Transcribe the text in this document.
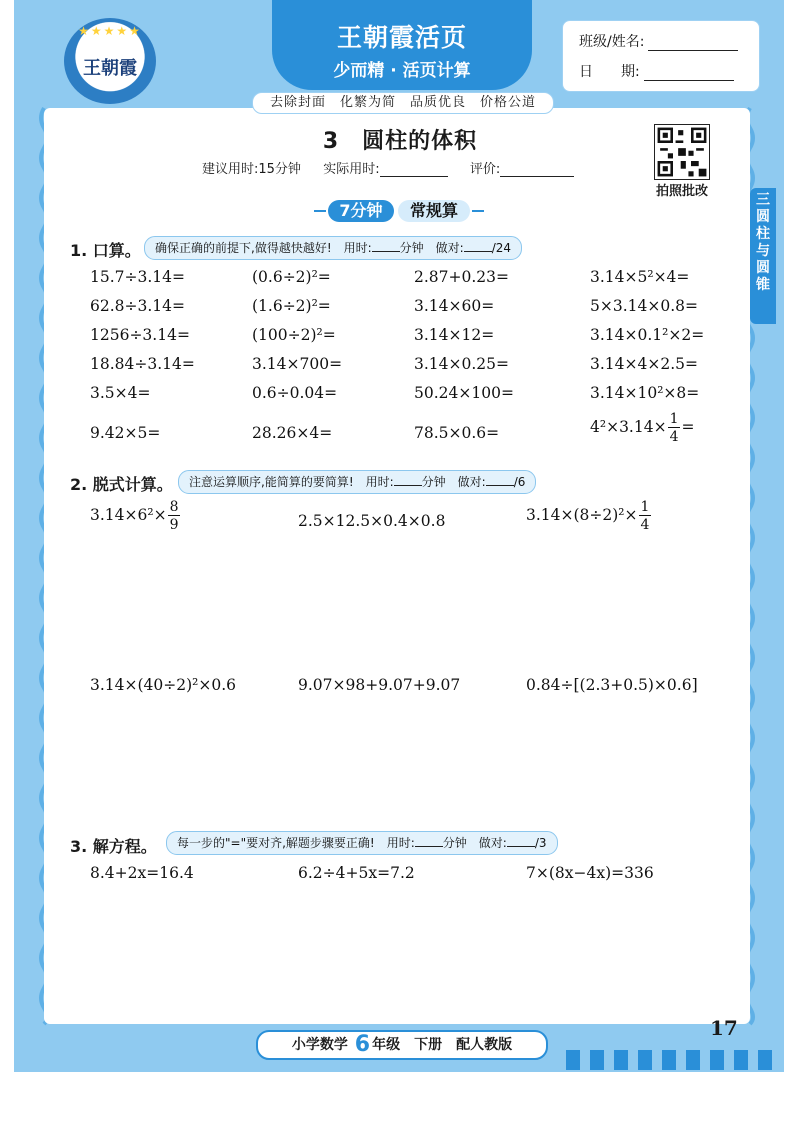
★★★★★
王朝霞

王朝霞活页
少而精 · 活页计算
班级/姓名:
日　　期:
去除封面　化繁为简　品质优良　价格公道
3　圆柱的体积
建议用时:15分钟 实际用时:	评价:
拍照批改
三 圆柱与圆锥
7分钟	常规算
1. 口算。	确保正确的前提下,做得越快越好!　用时: 分钟　做对: /24
15.7÷3.14=	(0.6÷2)²=	2.87+0.23=	3.14×5²×4=
62.8÷3.14=	(1.6÷2)²=	3.14×60=	5×3.14×0.8=
1256÷3.14=	(100÷2)²=	3.14×12=	3.14×0.1²×2=
18.84÷3.14=	3.14×700=	3.14×0.25=	3.14×4×2.5=
3.5×4=	0.6÷0.04=	50.24×100=	3.14×10²×8=
9.42×5=	28.26×4=	78.5×0.6=	$4^2\times 3.14\times \frac{1}{4}$ =
2. 脱式计算。	注意运算顺序,能简算的要简算!　用时: 分钟　做对: /6
$3.14\times 6^2\times \frac{8}{9}$	2.5×12.5×0.4×0.8	$3.14\times(8\div 2)^2\times \frac{1}{4}$
3.14×(40÷2)²×0.6	9.07×98+9.07+9.07	0.84÷[(2.3+0.5)×0.6]
3. 解方程。	每一步的"="要对齐,解题步骤要正确!　用时: 分钟　做对: /3
8.4+2x=16.4	6.2÷4+5x=7.2	7×(8x−4x)=336
小学数学 6 年级　下册　配人教版
17
